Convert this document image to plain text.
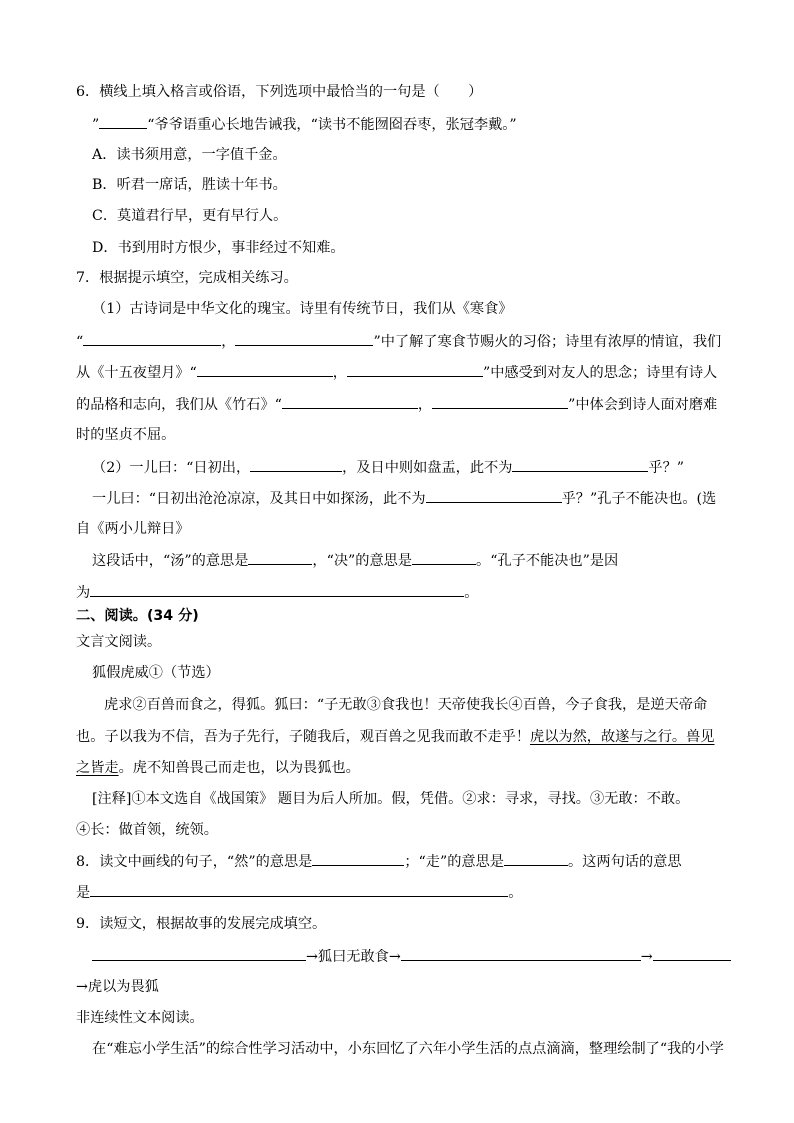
6．横线上填入格言或俗语，下列选项中最恰当的一句是（　　）
”	“爷爷语重心长地告诫我，“读书不能囫囵吞枣，张冠李戴。”
A．读书须用意，一字值千金。
B．听君一席话，胜读十年书。
C．莫道君行早，更有早行人。
D．书到用时方恨少，事非经过不知难。
7．根据提示填空，完成相关练习。
（1）古诗词是中华文化的瑰宝。诗里有传统节日，我们从《寒食》
“	，	”中了解了寒食节赐火的习俗；诗里有浓厚的情谊，我们
从《十五夜望月》“	，	”中感受到对友人的思念；诗里有诗人
的品格和志向，我们从《竹石》“	，	”中体会到诗人面对磨难
时的坚贞不屈。
（2）一儿曰：“日初出，	，及日中则如盘盂，此不为	乎？”
一儿曰：“日初出沧沧凉凉，及其日中如探汤，此不为	乎？”孔子不能决也。(选
自《两小儿辩日》
这段话中，“汤”的意思是	，“决”的意思是	。“孔子不能决也”是因
为	。
二、阅读。(34 分)
文言文阅读。
狐假虎威①（节选）
虎求②百兽而食之，得狐。狐曰：“子无敢③食我也！天帝使我长④百兽，今子食我，是逆天帝命
也。子以我为不信，吾为子先行，子随我后，观百兽之见我而敢不走乎！虎以为然，故遂与之行。兽见
之皆走。虎不知兽畏己而走也，以为畏狐也。
[注释]①本文选自《战国策》 题目为后人所加。假，凭借。②求：寻求，寻找。③无敢：不敢。
④长：做首领，统领。
8．读文中画线的句子，“然”的意思是	；“走”的意思是	。这两句话的意思
是	。
9．读短文，根据故事的发展完成填空。
→狐曰无敢食→	→
→虎以为畏狐
非连续性文本阅读。
在“难忘小学生活”的综合性学习活动中，小东回忆了六年小学生活的点点滴滴，整理绘制了“我的小学
